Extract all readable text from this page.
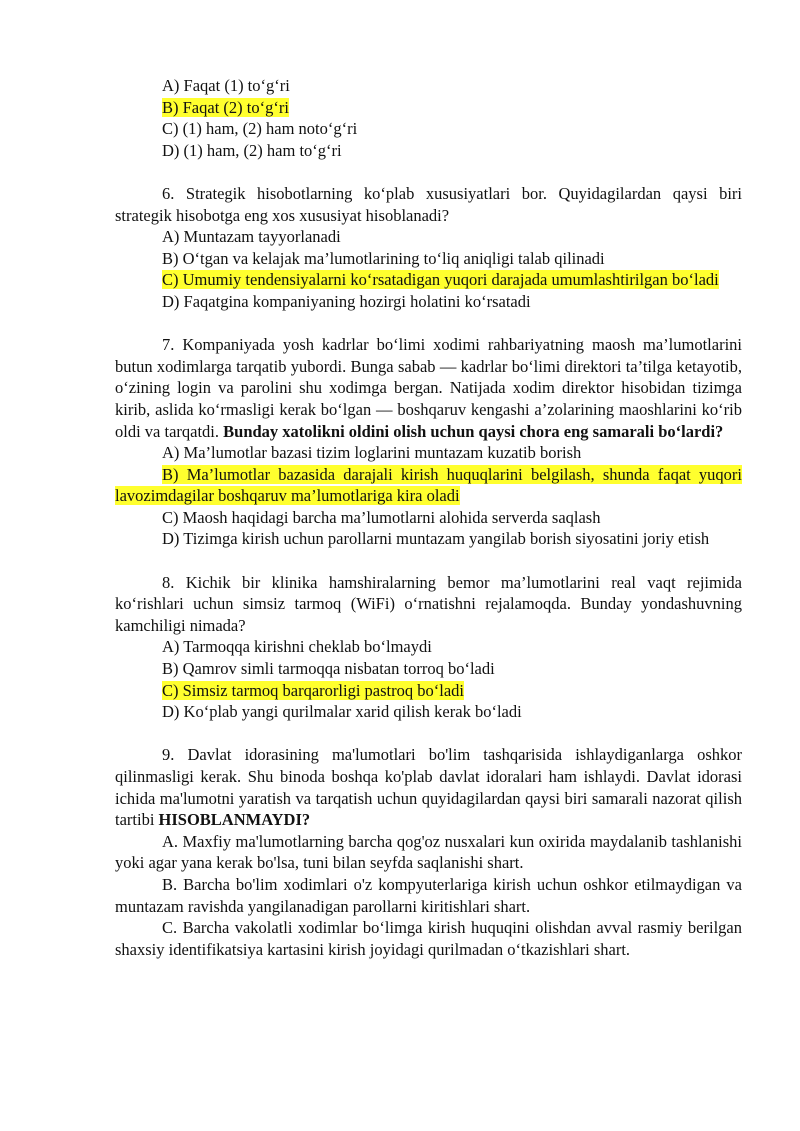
A) Faqat (1) to‘g‘ri
B) Faqat (2) to‘g‘ri
C) (1) ham, (2) ham noto‘g‘ri
D) (1) ham, (2) ham to‘g‘ri
6. Strategik hisobotlarning ko‘plab xususiyatlari bor. Quyidagilardan qaysi biri strategik hisobotga eng xos xususiyat hisoblanadi?
A) Muntazam tayyorlanadi
B) O‘tgan va kelajak ma’lumotlarining to‘liq aniqligi talab qilinadi
C) Umumiy tendensiyalarni ko‘rsatadigan yuqori darajada umumlashtirilgan bo‘ladi
D) Faqatgina kompaniyaning hozirgi holatini ko‘rsatadi
7. Kompaniyada yosh kadrlar bo‘limi xodimi rahbariyatning maosh ma’lumotlarini butun xodimlarga tarqatib yubordi. Bunga sabab — kadrlar bo‘limi direktori ta’tilga ketayotib, o‘zining login va parolini shu xodimga bergan. Natijada xodim direktor hisobidan tizimga kirib, aslida ko‘rmasligi kerak bo‘lgan — boshqaruv kengashi a’zolarining maoshlarini ko‘rib oldi va tarqatdi. Bunday xatolikni oldini olish uchun qaysi chora eng samarali bo‘lardi?
A) Ma’lumotlar bazasi tizim loglarini muntazam kuzatib borish
B) Ma’lumotlar bazasida darajali kirish huquqlarini belgilash, shunda faqat yuqori lavozimdagilar boshqaruv ma’lumotlariga kira oladi
C) Maosh haqidagi barcha ma’lumotlarni alohida serverda saqlash
D) Tizimga kirish uchun parollarni muntazam yangilab borish siyosatini joriy etish
8. Kichik bir klinika hamshiralarning bemor ma’lumotlarini real vaqt rejimida ko‘rishlari uchun simsiz tarmoq (WiFi) o‘rnatishni rejalamoqda. Bunday yondashuvning kamchiligi nimada?
A) Tarmoqqa kirishni cheklab bo‘lmaydi
B) Qamrov simli tarmoqqa nisbatan torroq bo‘ladi
C) Simsiz tarmoq barqarorligi pastroq bo‘ladi
D) Ko‘plab yangi qurilmalar xarid qilish kerak bo‘ladi
9. Davlat idorasining ma'lumotlari bo'lim tashqarisida ishlaydiganlarga oshkor qilinmasligi kerak. Shu binoda boshqa ko'plab davlat idoralari ham ishlaydi. Davlat idorasi ichida ma'lumotni yaratish va tarqatish uchun quyidagilardan qaysi biri samarali nazorat qilish tartibi HISOBLANMAYDI?
A. Maxfiy ma'lumotlarning barcha qog'oz nusxalari kun oxirida maydalanib tashlanishi yoki agar yana kerak bo'lsa, tuni bilan seyfda saqlanishi shart.
B. Barcha bo'lim xodimlari o'z kompyuterlariga kirish uchun oshkor etilmaydigan va muntazam ravishda yangilanadigan parollarni kiritishlari shart.
C. Barcha vakolatli xodimlar bo‘limga kirish huquqini olishdan avval rasmiy berilgan shaxsiy identifikatsiya kartasini kirish joyidagi qurilmadan o‘tkazishlari shart.
